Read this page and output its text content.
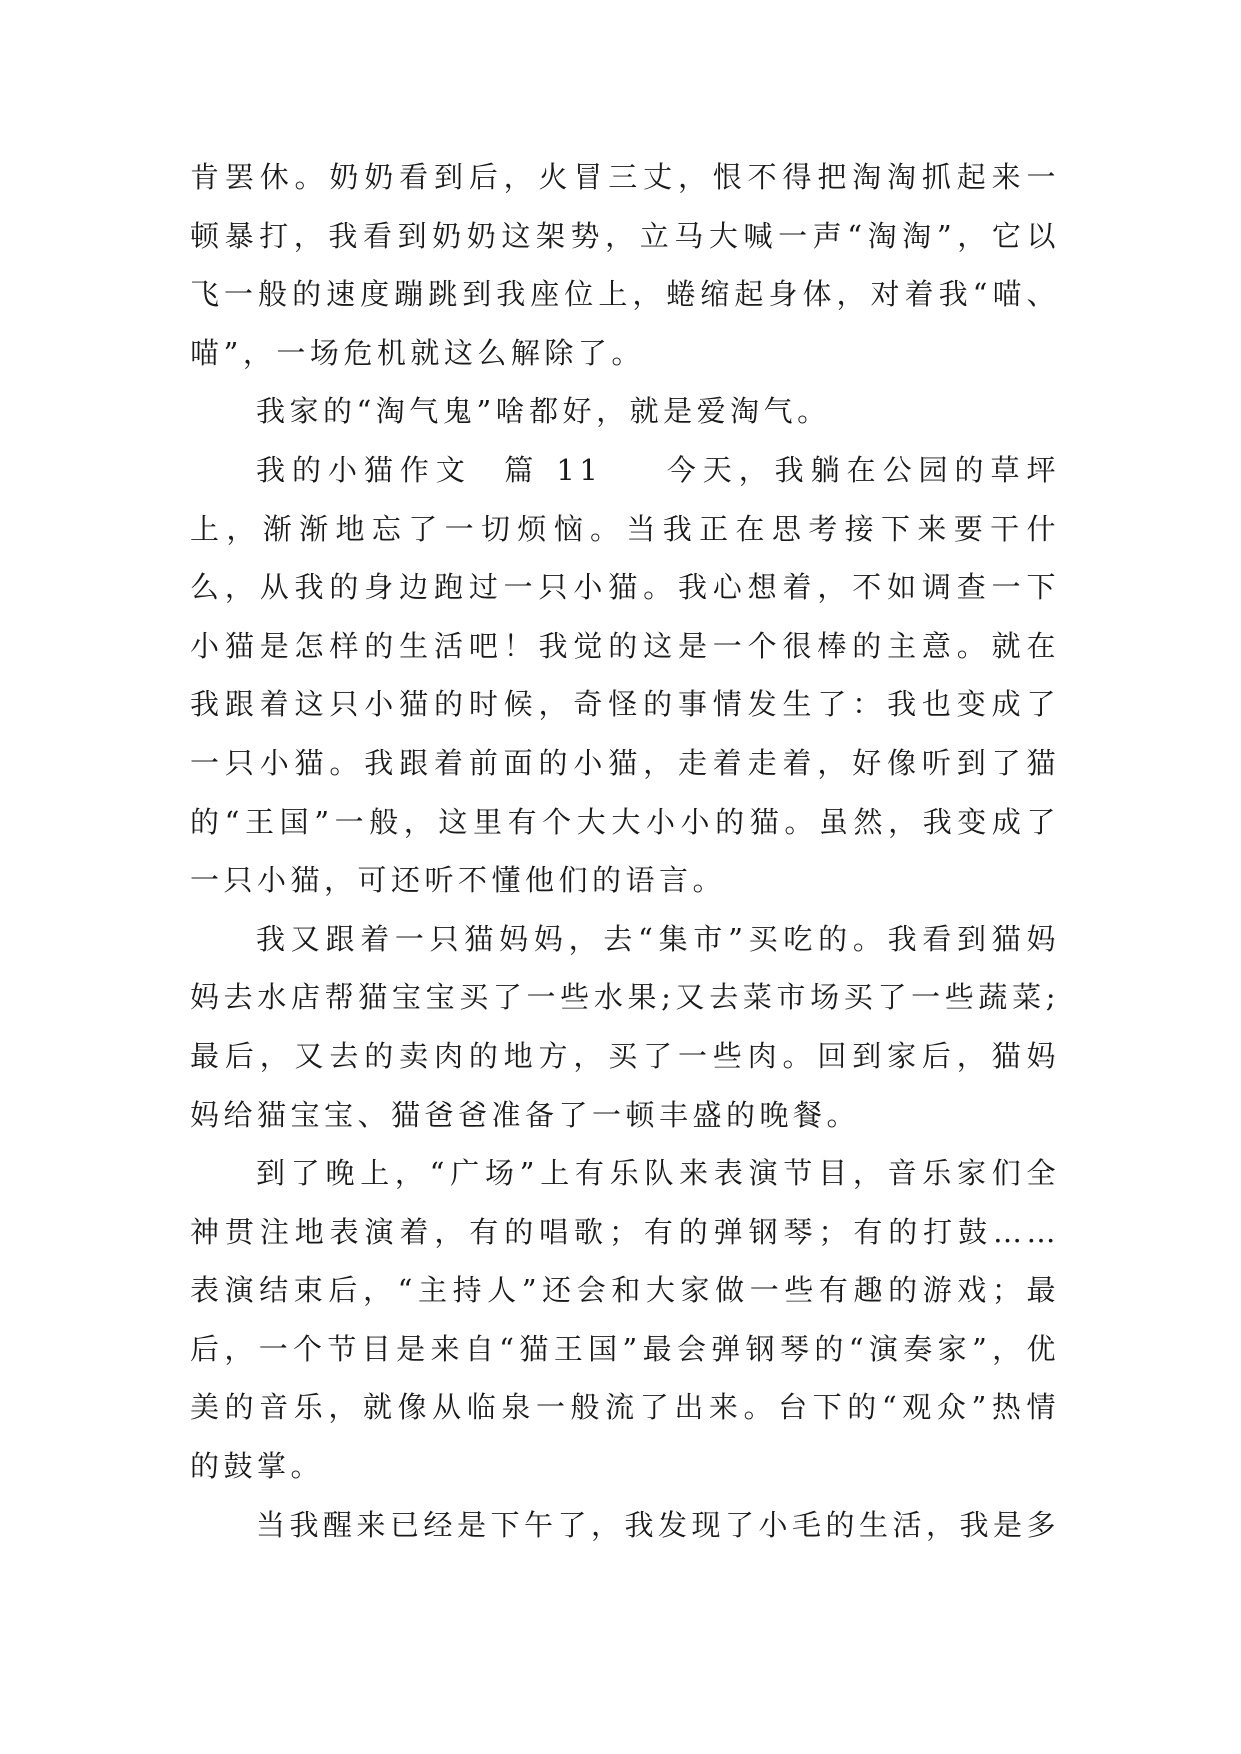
肯罢休。奶奶看到后，火冒三丈，恨不得把淘淘抓起来一顿暴打，我看到奶奶这架势，立马大喊一声“淘淘”，它以飞一般的速度蹦跳到我座位上，蜷缩起身体，对着我“喵、喵”，一场危机就这么解除了。

我家的“淘气鬼”啥都好，就是爱淘气。

我的小猫作文  篇 11 今天，我躺在公园的草坪上，渐渐地忘了一切烦恼。当我正在思考接下来要干什么，从我的身边跑过一只小猫。我心想着，不如调查一下小猫是怎样的生活吧！我觉的这是一个很棒的主意。就在我跟着这只小猫的时候，奇怪的事情发生了：我也变成了一只小猫。我跟着前面的小猫，走着走着，好像听到了猫的“王国”一般，这里有个大大小小的猫。虽然，我变成了一只小猫，可还听不懂他们的语言。

我又跟着一只猫妈妈，去“集市”买吃的。我看到猫妈妈去水店帮猫宝宝买了一些水果;又去菜市场买了一些蔬菜;最后，又去的卖肉的地方，买了一些肉。回到家后，猫妈妈给猫宝宝、猫爸爸准备了一顿丰盛的晚餐。

到了晚上，“广场”上有乐队来表演节目，音乐家们全神贯注地表演着，有的唱歌；有的弹钢琴；有的打鼓……表演结束后，“主持人”还会和大家做一些有趣的游戏；最后，一个节目是来自“猫王国”最会弹钢琴的“演奏家”，优美的音乐，就像从临泉一般流了出来。台下的“观众”热情的鼓掌。

当我醒来已经是下午了，我发现了小毛的生活，我是多
